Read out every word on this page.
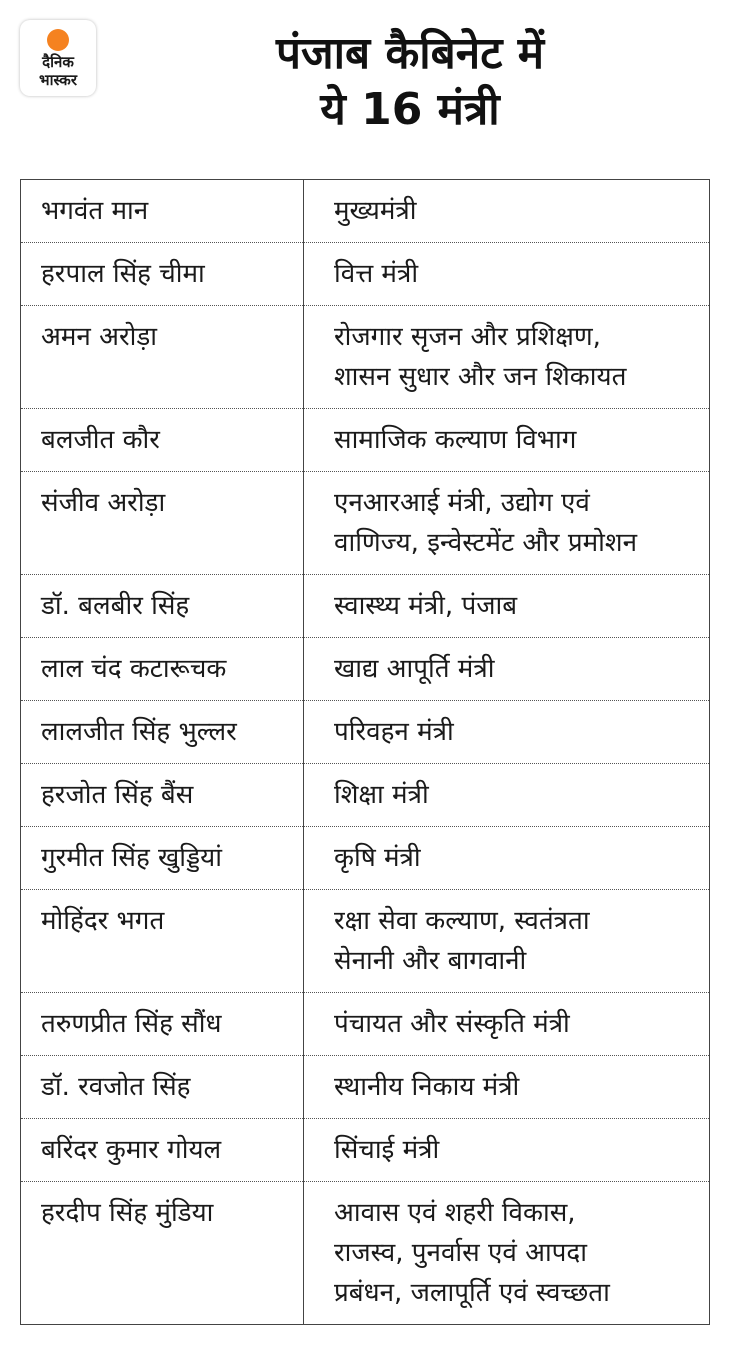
दैनिक
भास्कर
पंजाब कैबिनेट में
ये 16 मंत्री
भगवंत मान	मुख्यमंत्री

हरपाल सिंह चीमा	वित्त मंत्री

अमन अरोड़ा	रोजगार सृजन और प्रशिक्षण,
शासन सुधार और जन शिकायत

बलजीत कौर	सामाजिक कल्याण विभाग

संजीव अरोड़ा	एनआरआई मंत्री, उद्योग एवं
वाणिज्य, इन्वेस्टमेंट और प्रमोशन

डॉ. बलबीर सिंह	स्वास्थ्य मंत्री, पंजाब

लाल चंद कटारूचक	खाद्य आपूर्ति मंत्री

लालजीत सिंह भुल्लर	परिवहन मंत्री

हरजोत सिंह बैंस	शिक्षा मंत्री

गुरमीत सिंह खुड्डियां	कृषि मंत्री

मोहिंदर भगत	रक्षा सेवा कल्याण, स्वतंत्रता
सेनानी और बागवानी

तरुणप्रीत सिंह सौंध	पंचायत और संस्कृति मंत्री

डॉ. रवजोत सिंह	स्थानीय निकाय मंत्री

बरिंदर कुमार गोयल	सिंचाई मंत्री

हरदीप सिंह मुंडिया	आवास एवं शहरी विकास,
राजस्व, पुनर्वास एवं आपदा
प्रबंधन, जलापूर्ति एवं स्वच्छता
